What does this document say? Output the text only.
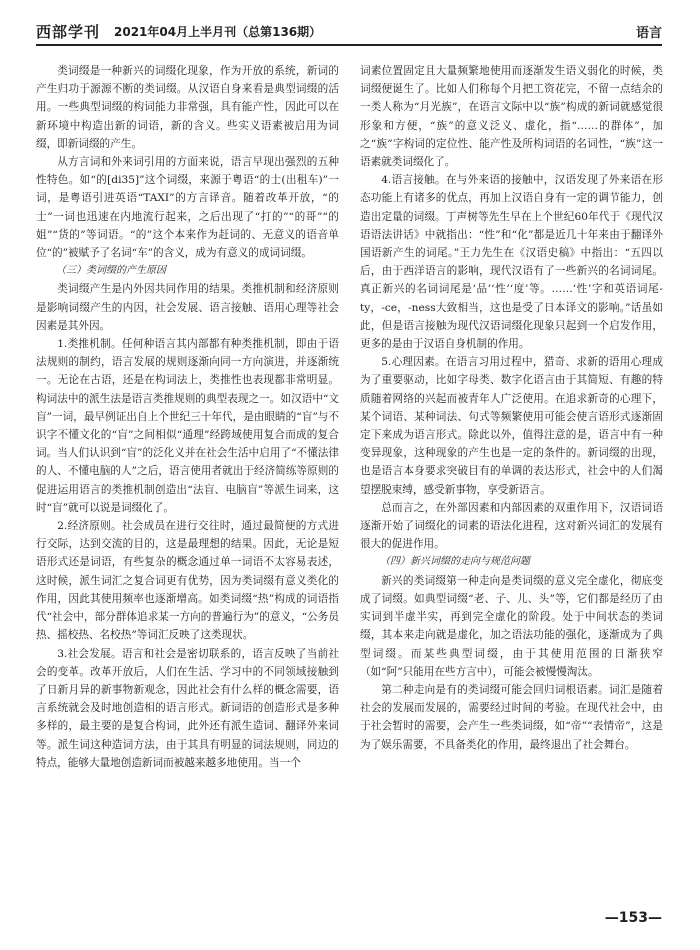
西部学刊 2021年04月上半月刊（总第136期）	语言

类词缀是一种新兴的词缀化现象，作为开放的系统，新词的产生归功于源源不断的类词缀。从汉语自身来看是典型词缀的活用。一些典型词缀的构词能力非常强，具有能产性，因此可以在新环境中构造出新的词语，新的含义。些实义语素被启用为词缀，即新词缀的产生。

从方言词和外来词引用的方面来说，语言早现出强烈的五种性特色。如“的[di35]”这个词缀，来源于粤语“的士(出租车)”一词，是粤语引进英语“TAXI”的方言译音。随着改革开放，“的士”一词也迅速在内地流行起来，之后出现了“打的”“的哥”“的姐”“货的”等词语。“的”这个本来作为赶词的、无意义的语音单位“的”被赋予了名词“车”的含义，成为有意义的成词词缀。

（三）类词缀的产生原因

类词缀产生是内外因共同作用的结果。类推机制和经济原则是影响词缀产生的内因，社会发展、语言接触、语用心理等社会因素是其外因。

1.类推机制。任何种语言其内部都有种类推机制，即由于语法规则的制约，语言发展的规则逐渐向同一方向演进，并逐渐统一。无论在古语，还是在构词法上，类推性也表现都非常明显。构词法中的派生法是语言类推规则的典型表现之一。如汉语中“文盲”一词，最早例证出自上个世纪三十年代，是由眼睛的“盲”与不识字不懂文化的“盲”之间相似“通理”经跨域使用复合而成的复合词。当人们认识到“盲”的泛化义并在社会生活中启用了“不懂法律的人、不懂电脑的人”之后，语言使用者就出于经济简练等原则的促进运用语言的类推机制创造出“法盲、电脑盲”等派生词来，这时“盲”就可以说是词缀化了。

2.经济原则。社会成员在进行交往时，通过最简便的方式进行交际，达到交流的目的，这是最理想的结果。因此，无论是短语形式还是词语，有些复杂的概念通过单一词语不太容易表述，这时候，派生词汇之复合词更有优势，因为类词缀有意义类化的作用，因此其使用频率也逐渐增高。如类词缀“热”构成的词语指代“社会中，部分群体追求某一方向的普遍行为”的意义，“公务员热、摇校热、名校热”等词汇反映了这类现状。

3.社会发展。语言和社会是密切联系的，语言反映了当前社会的变革。改革开放后，人们在生活、学习中的不同领域接触到了日新月异的新事物新观念，因此社会有什么样的概念需要，语言系统就会及时地创造相的语言形式。新词语的创造形式是多种多样的，最主要的是复合构词，此外还有派生造词、翻译外来词等。派生词这种造词方法，由于其具有明显的词法规则，同边的特点，能够大量地创造新词而被越来越多地使用。当一个

词素位置固定且大量频繁地使用而逐渐发生语义弱化的时候，类词缀便诞生了。比如人们称每个月把工资花完，不留一点结余的一类人称为“月光族”，在语言文际中以“族”构成的新词就感觉很形象和方便，“族”的意义泛义、虚化，指“……的群体”，加之“族”字构词的定位性、能产性及所构词语的名词性，“族”这一语素就类词缀化了。

4.语言接触。在与外来语的接触中，汉语发现了外来语在形态功能上有诸多的优点，再加上汉语自身有一定的调节能力，创造出定量的词缀。丁声树等先生早在上个世纪60年代于《现代汉语语法讲话》中就指出：“性”和“化”都是近几十年来由于翻译外国语新产生的词尾。”王力先生在《汉语史稿》中指出：“五四以后，由于西洋语言的影响，现代汉语有了一些新兴的名词词尾。真正新兴的名词词尾是‘品’‘性’‘度’等。……‘性’字和英语词尾-ty，-ce，-ness大致相当，这也是受了日本译文的影响。”话虽如此，但是语言接触为现代汉语词缀化现象只起到一个启发作用，更多的是由于汉语自身机制的作用。

5.心理因素。在语言习用过程中，猎奇、求新的语用心理成为了重要驱动，比如字母类、数字化语言由于其简短、有趣的特质随着网络的兴起而被青年人广泛使用。在追求新奇的心理下，某个词语、某种词法、句式等频繁使用可能会使言语形式逐渐固定下来成为语言形式。除此以外，值得注意的是，语言中有一种变异现象，这种现象的产生也是一定的条件的。新词缀的出现，也是语言本身要求突破目有的单调的表达形式，社会中的人们渴望摆脱束缚，感受新事物，享受新语言。

总而言之，在外部因素和内部因素的双重作用下，汉语词语逐渐开始了词缀化的词素的语法化进程，这对新兴词汇的发展有很大的促进作用。

（四）新兴词缀的走向与规范问题

新兴的类词缀第一种走向是类词缀的意义完全虚化，彻底变成了词缀。如典型词缀“老、子、儿、头”等，它们都是经历了由实词到半虚半实，再到完全虚化的阶段。处于中间状态的类词缀，其本来走向就是虚化，加之语法功能的强化，逐渐成为了典型词缀。而某些典型词缀，由于其使用范围的日渐狭窄（如“阿”只能用在些方言中），可能会被慢慢淘汰。

第二种走向是有的类词缀可能会回归词根语素。词汇是随着社会的发展而发展的，需要经过时间的考验。在现代社会中，由于社会暂时的需要，会产生一些类词缀，如“帝”“表情帝”，这是为了娱乐需要，不具备类化的作用，最终退出了社会舞台。

—153—
